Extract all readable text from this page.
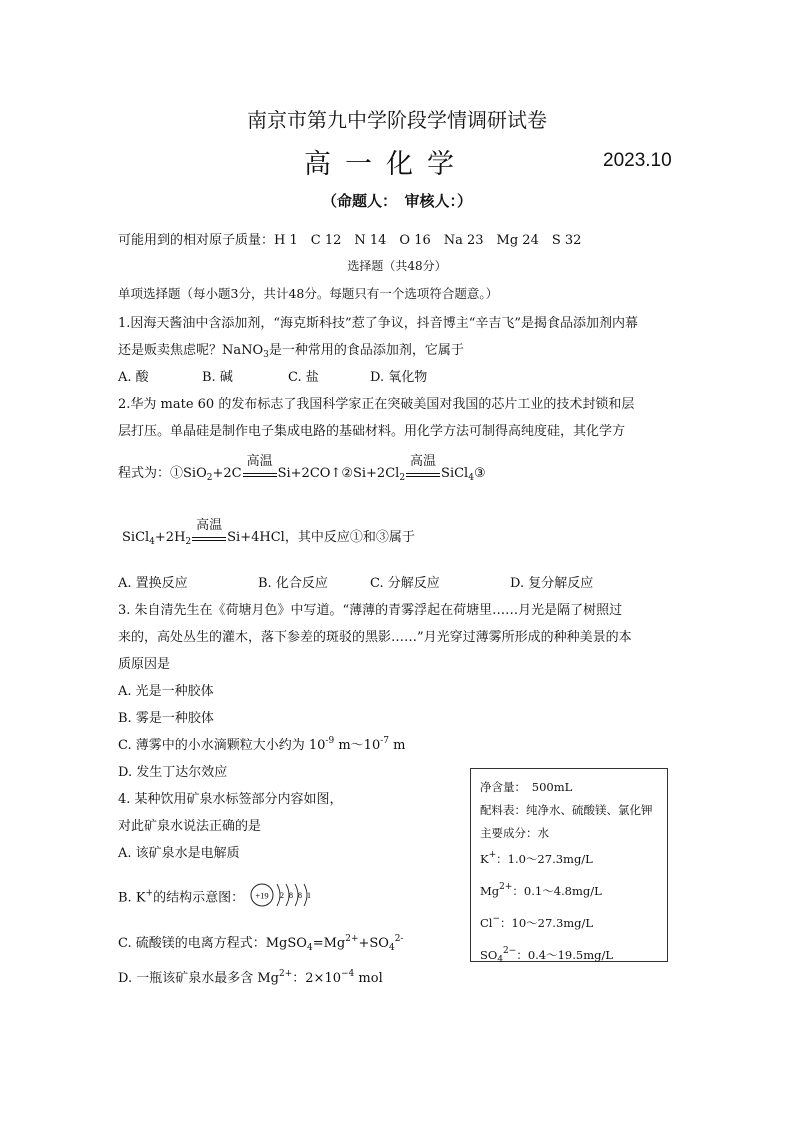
南京市第九中学阶段学情调研试卷
高一化学	2023.10
（命题人：　审核人：）
可能用到的相对原子质量：H 1　C 12　N 14　O 16　Na 23　Mg 24　S 32
选择题（共48分）
单项选择题（每小题3分，共计48分。每题只有一个选项符合题意。）
1.因海天酱油中含添加剂，“海克斯科技”惹了争议，抖音博主“辛吉飞”是揭食品添加剂内幕
还是贩卖焦虑呢？NaNO$_3$是一种常用的食品添加剂，它属于
A. 酸	B. 碱	C. 盐	D. 氧化物
2.华为 mate 60 的发布标志了我国科学家正在突破美国对我国的芯片工业的技术封锁和层
层打压。单晶硅是制作电子集成电路的基础材料。用化学方法可制得高纯度硅，其化学方
程式为：①SiO$_2$+2C
高温
$Si+2CO↑②Si+2Cl_2$
高温
SiCl$_4$③
$SiCl_4+2H_2$
高温
Si+4HCl，其中反应①和③属于
A. 置换反应	B. 化合反应	C. 分解反应	D. 复分解反应
3. 朱自清先生在《荷塘月色》中写道。“薄薄的青雾浮起在荷塘里……月光是隔了树照过
来的，高处丛生的灌木，落下参差的斑驳的黑影……”月光穿过薄雾所形成的种种美景的本
质原因是
A. 光是一种胶体
B. 雾是一种胶体
C. 薄雾中的小水滴颗粒大小约为 $10^{-9}$ $m\sim 10^{-7}$ m
D. 发生丁达尔效应
4. 某种饮用矿泉水标签部分内容如图，
对此矿泉水说法正确的是
A. 该矿泉水是电解质
B. K+的结构示意图： +19 2 8 8 1
C. 硫酸镁的电离方程式：$MgSO_4=Mg^{2+}+SO_4^{2-}$
D. 一瓶该矿泉水最多含 $Mg^{2+}$：$2\times 10^{-4}$ mol
净含量：　500mL
配料表：纯净水、硫酸镁、氯化钾
主要成分：水
K+：1.0～27.3mg/L
$Mg^{2+}$：0.1～4.8mg/L
Cl−：10～27.3mg/L
$SO_4^{2-}$：0.4～19.5mg/L
